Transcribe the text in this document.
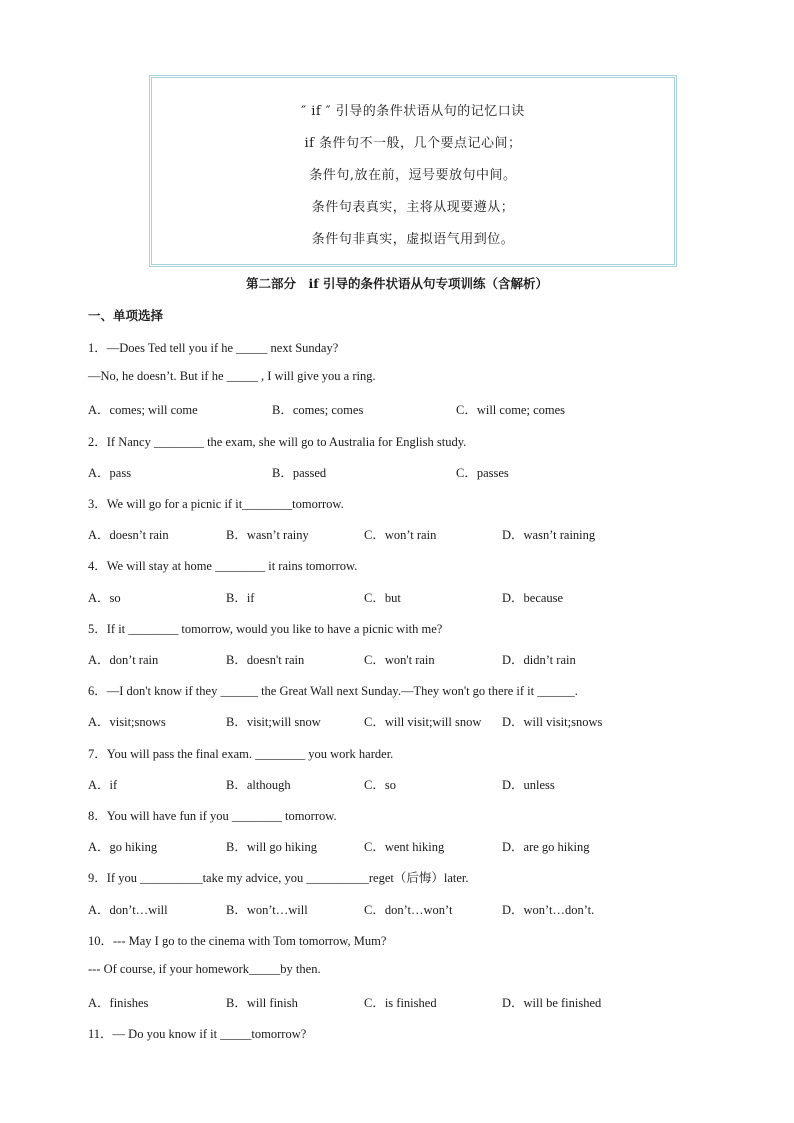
″ if ″ 引导的条件状语从句的记忆口诀
if 条件句不一般，几个要点记心间；
条件句,放在前，逗号要放句中间。
条件句表真实，主将从现要遵从；
条件句非真实，虚拟语气用到位。
第二部分　if 引导的条件状语从句专项训练（含解析）
一、单项选择
1．—Does Ted tell you if he _____ next Sunday?
—No, he doesn’t. But if he _____ , I will give you a ring.
A．comes; will come	B．comes; comes	C．will come; comes
2．If Nancy ________ the exam, she will go to Australia for English study.
A．pass	B．passed	C．passes
3．We will go for a picnic if it________tomorrow.
A．doesn’t rain	B．wasn’t rainy	C．won’t rain	D．wasn’t raining
4．We will stay at home ________ it rains tomorrow.
A．so	B．if	C．but	D．because
5．If it ________ tomorrow, would you like to have a picnic with me?
A．don’t rain	B．doesn't rain	C．won't rain	D．didn’t rain
6．—I don't know if they ______ the Great Wall next Sunday.—They won't go there if it ______.
A．visit;snows	B．visit;will snow	C．will visit;will snow D．will visit;snows
7．You will pass the final exam. ________ you work harder.
A．if	B．although	C．so	D．unless
8．You will have fun if you ________ tomorrow.
A．go hiking	B．will go hiking	C．went hiking	D．are go hiking
9．If you __________take my advice, you __________reget（后悔）later.
A．don’t…will	B．won’t…will	C．don’t…won’t	D．won’t…don’t.
10．--- May I go to the cinema with Tom tomorrow, Mum?
--- Of course, if your homework_____by then.
A．finishes	B．will finish	C．is finished	D．will be finished
11．— Do you know if it _____tomorrow?
